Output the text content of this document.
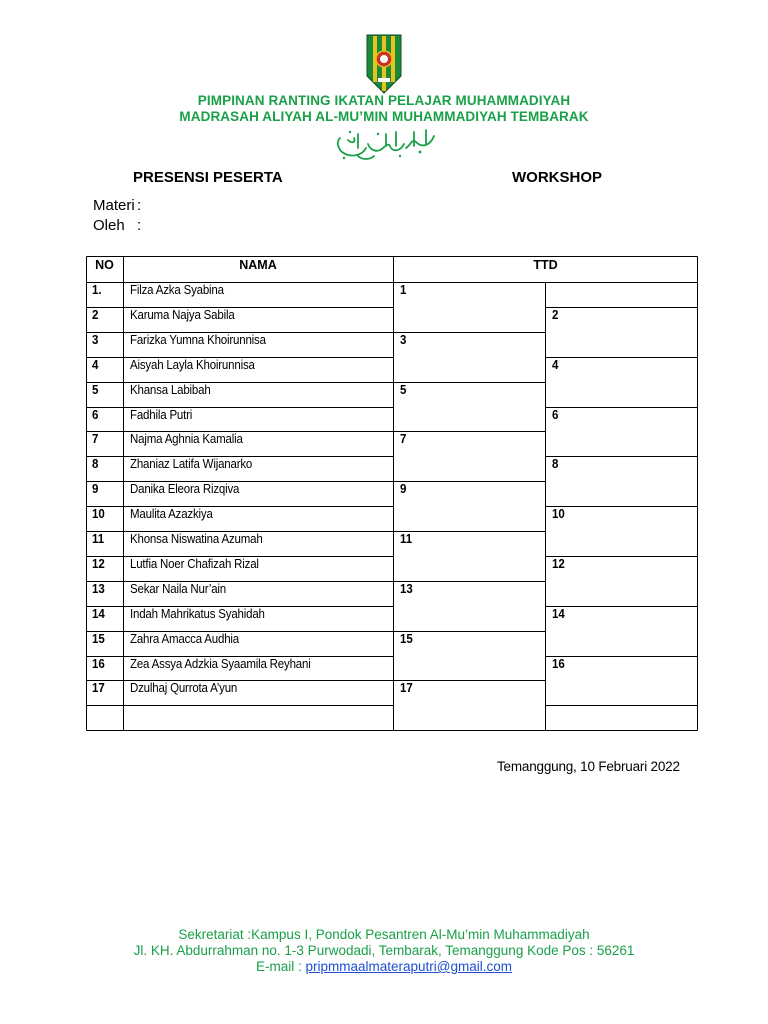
PIMPINAN RANTING IKATAN PELAJAR MUHAMMADIYAH
MADRASAH ALIYAH AL-MU’MIN MUHAMMADIYAH TEMBARAK
PRESENSI PESERTA	WORKSHOP
Materi :
Oleh :
NO	NAMA	TTD
1. Filza Azka Syabina	1
2	Karuma Najya Sabila	2
3	Farizka Yumna Khoirunnisa	3
4	Aisyah Layla Khoirunnisa	4
5	Khansa Labibah	5
6	Fadhila Putri	6
7	Najma Aghnia Kamalia	7
8	Zhaniaz Latifa Wijanarko	8
9	Danika Eleora Rizqiva	9
10 Maulita Azazkiya	10
11 Khonsa Niswatina Azumah	11
12 Lutfia Noer Chafizah Rizal	12
13 Sekar Naila Nur’ain	13
14 Indah Mahrikatus Syahidah	14
15 Zahra Amacca Audhia	15
16 Zea Assya Adzkia Syaamila Reyhani	16
17 Dzulhaj Qurrota A’yun	17
Temanggung, 10 Februari 2022
Sekretariat :Kampus I, Pondok Pesantren Al-Mu’min Muhammadiyah
Jl. KH. Abdurrahman no. 1-3 Purwodadi, Tembarak, Temanggung Kode Pos : 56261
E-mail : pripmmaalmateraputri@gmail.com
